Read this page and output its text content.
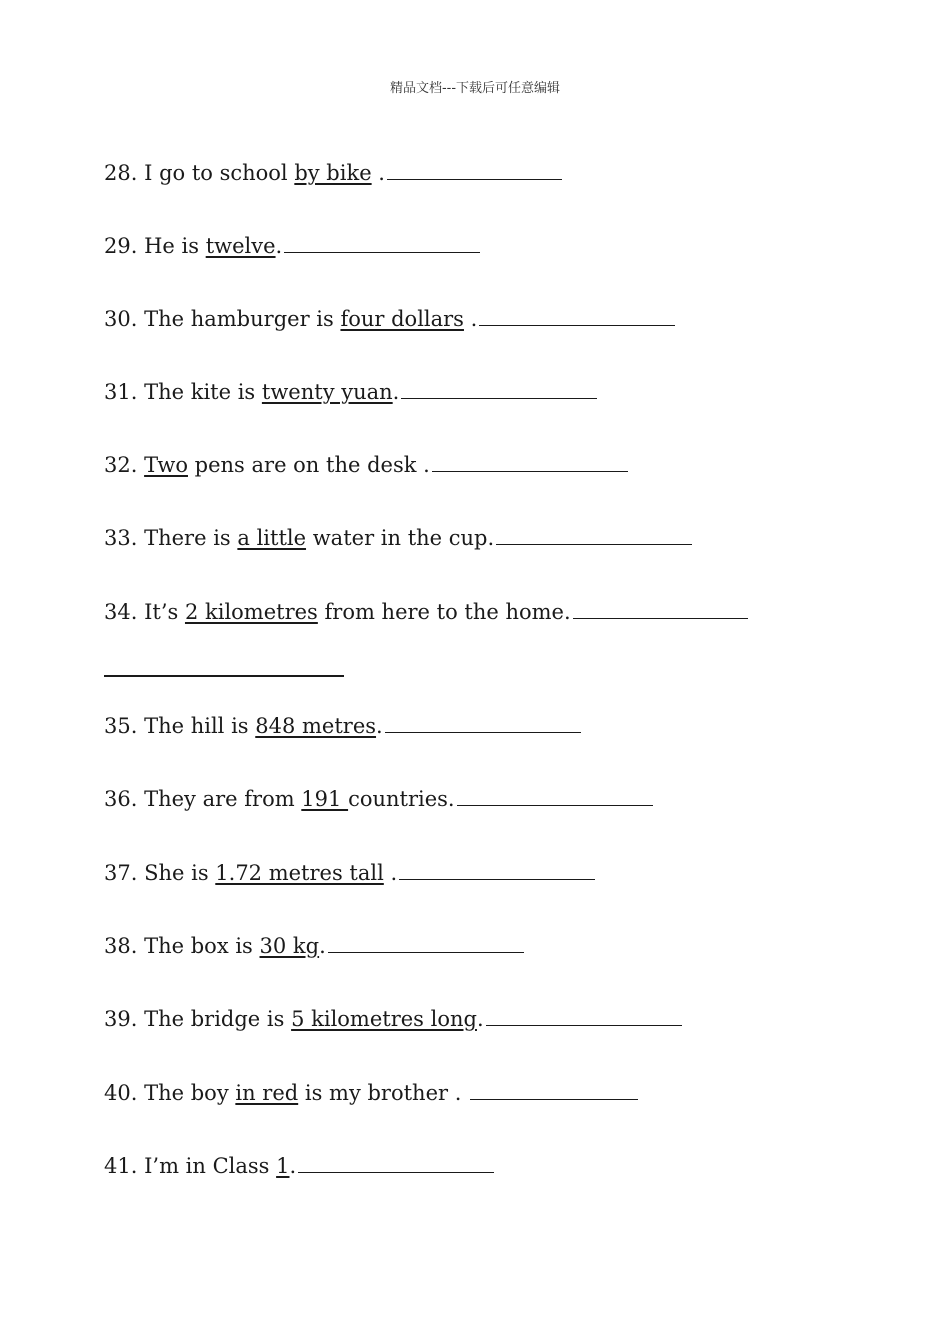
精品文档---下载后可任意编辑
28. I go to school by bike .
29. He is twelve.
30. The hamburger is four dollars .
31. The kite is twenty yuan.
32. Two pens are on the desk .
33. There is a little water in the cup.
34. It’s 2 kilometres from here to the home.
35. The hill is 848 metres.
36. They are from 191 countries.
37. She is 1.72 metres tall .
38. The box is 30 kg.
39. The bridge is 5 kilometres long.
40. The boy in red is my brother .
41. I’m in Class 1.
